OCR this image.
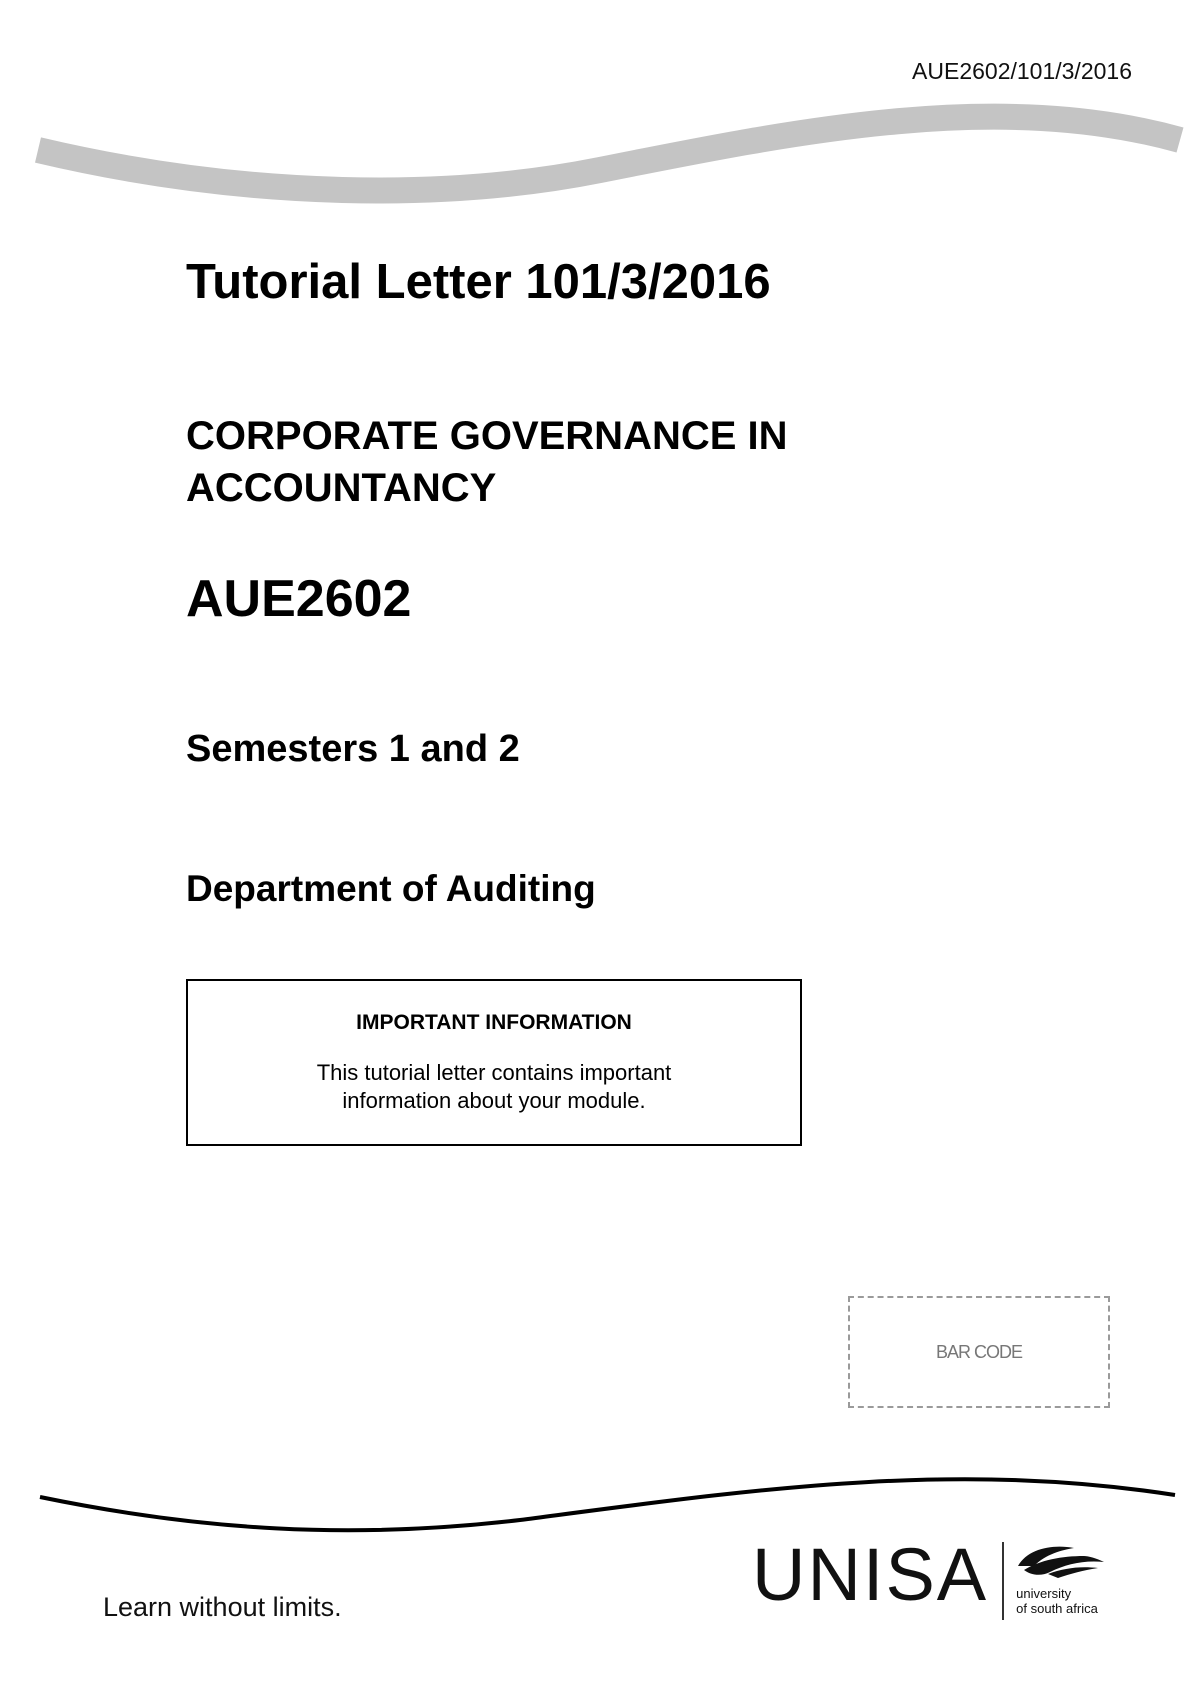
AUE2602/101/3/2016
Tutorial Letter 101/3/2016
CORPORATE GOVERNANCE IN ACCOUNTANCY
AUE2602
Semesters 1 and 2
Department of Auditing
IMPORTANT INFORMATION
This tutorial letter contains important information about your module.
BAR CODE
Learn without limits.	UNISA university
of south africa
